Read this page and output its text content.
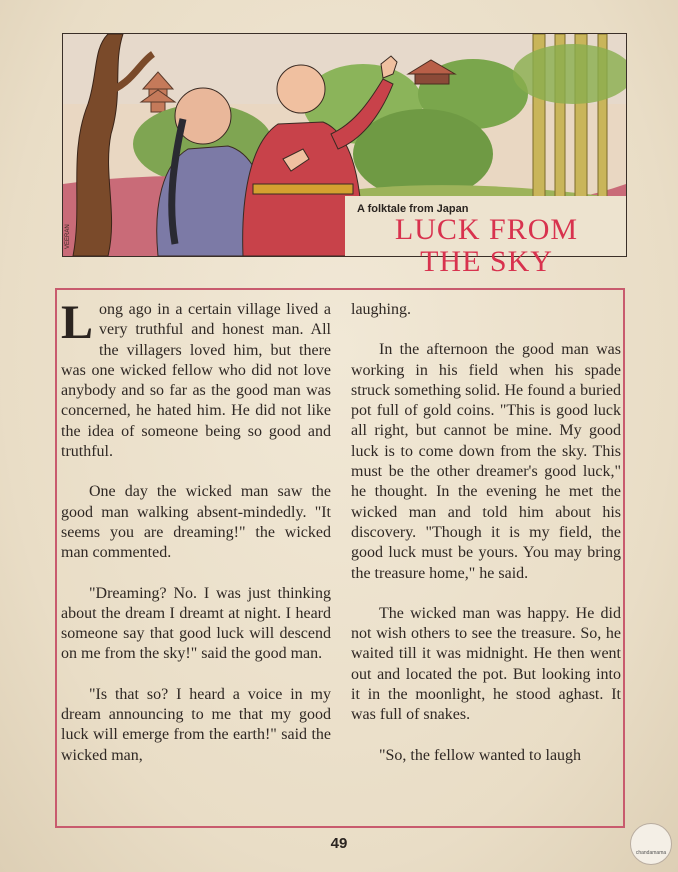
VEERAN
A folktale from Japan
LUCK FROM
THE SKY

Long ago in a certain village lived a very truthful and honest man. All the villagers loved him, but there was one wicked fellow who did not love anybody and so far as the good man was concerned, he hated him. He did not like the idea of someone being so good and truthful.

One day the wicked man saw the good man walking absent-mindedly. "It seems you are dreaming!" the wicked man commented.

"Dreaming? No. I was just thinking about the dream I dreamt at night. I heard someone say that good luck will descend on me from the sky!" said the good man.

"Is that so? I heard a voice in my dream announcing to me that my good luck will emerge from the earth!" said the wicked man,

laughing.

In the afternoon the good man was working in his field when his spade struck something solid. He found a buried pot full of gold coins. "This is good luck all right, but cannot be mine. My good luck is to come down from the sky. This must be the other dreamer's good luck," he thought. In the evening he met the wicked man and told him about his discovery. "Though it is my field, the good luck must be yours. You may bring the treasure home," he said.

The wicked man was happy. He did not wish others to see the treasure. So, he waited till it was midnight. He then went out and located the pot. But looking into it in the moonlight, he stood aghast. It was full of snakes.

"So, the fellow wanted to laugh

49
chandamama
